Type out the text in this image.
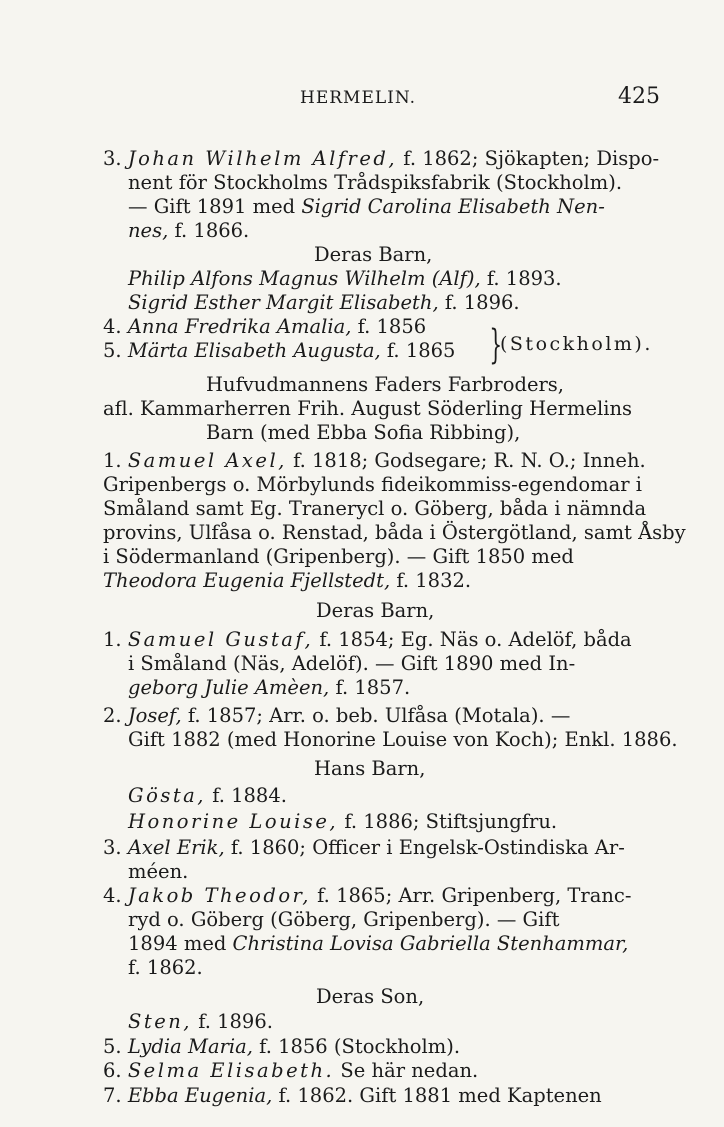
HERMELIN.	425
3. Johan Wilhelm Alfred, f. 1862; Sjökapten; Dispo-
nent för Stockholms Trådspiksfabrik (Stockholm).
— Gift 1891 med Sigrid Carolina Elisabeth Nen-
nes, f. 1866.
Deras Barn,
Philip Alfons Magnus Wilhelm (Alf), f. 1893.
Sigrid Esther Margit Elisabeth, f. 1896.
4. Anna Fredrika Amalia, f. 1856
5. Märta Elisabeth Augusta, f. 1865 }
(Stockholm).
Hufvudmannens Faders Farbroders,
afl. Kammarherren Frih. August Söderling Hermelins
Barn (med Ebba Sofia Ribbing),
1. Samuel Axel, f. 1818; Godsegare; R. N. O.; Inneh.
Gripenbergs o. Mörbylunds fideikommiss-egendomar i
Småland samt Eg. Tranerycl o. Göberg, båda i nämnda
provins, Ulfåsa o. Renstad, båda i Östergötland, samt Åsby
i Södermanland (Gripenberg). — Gift 1850 med
Theodora Eugenia Fjellstedt, f. 1832.
Deras Barn,
1. Samuel Gustaf, f. 1854; Eg. Näs o. Adelöf, båda
i Småland (Näs, Adelöf). — Gift 1890 med In-
geborg Julie Amèen, f. 1857.
2. Josef, f. 1857; Arr. o. beb. Ulfåsa (Motala). —
Gift 1882 (med Honorine Louise von Koch); Enkl. 1886.
Hans Barn,
Gösta, f. 1884.
Honorine Louise, f. 1886; Stiftsjungfru.
3. Axel Erik, f. 1860; Officer i Engelsk-Ostindiska Ar-
méen.
4. Jakob Theodor, f. 1865; Arr. Gripenberg, Tranc-
ryd o. Göberg (Göberg, Gripenberg). — Gift
1894 med Christina Lovisa Gabriella Stenhammar,
f. 1862.
Deras Son,
Sten, f. 1896.
5. Lydia Maria, f. 1856 (Stockholm).
6. Selma Elisabeth. Se här nedan.
7. Ebba Eugenia, f. 1862. Gift 1881 med Kaptenen
